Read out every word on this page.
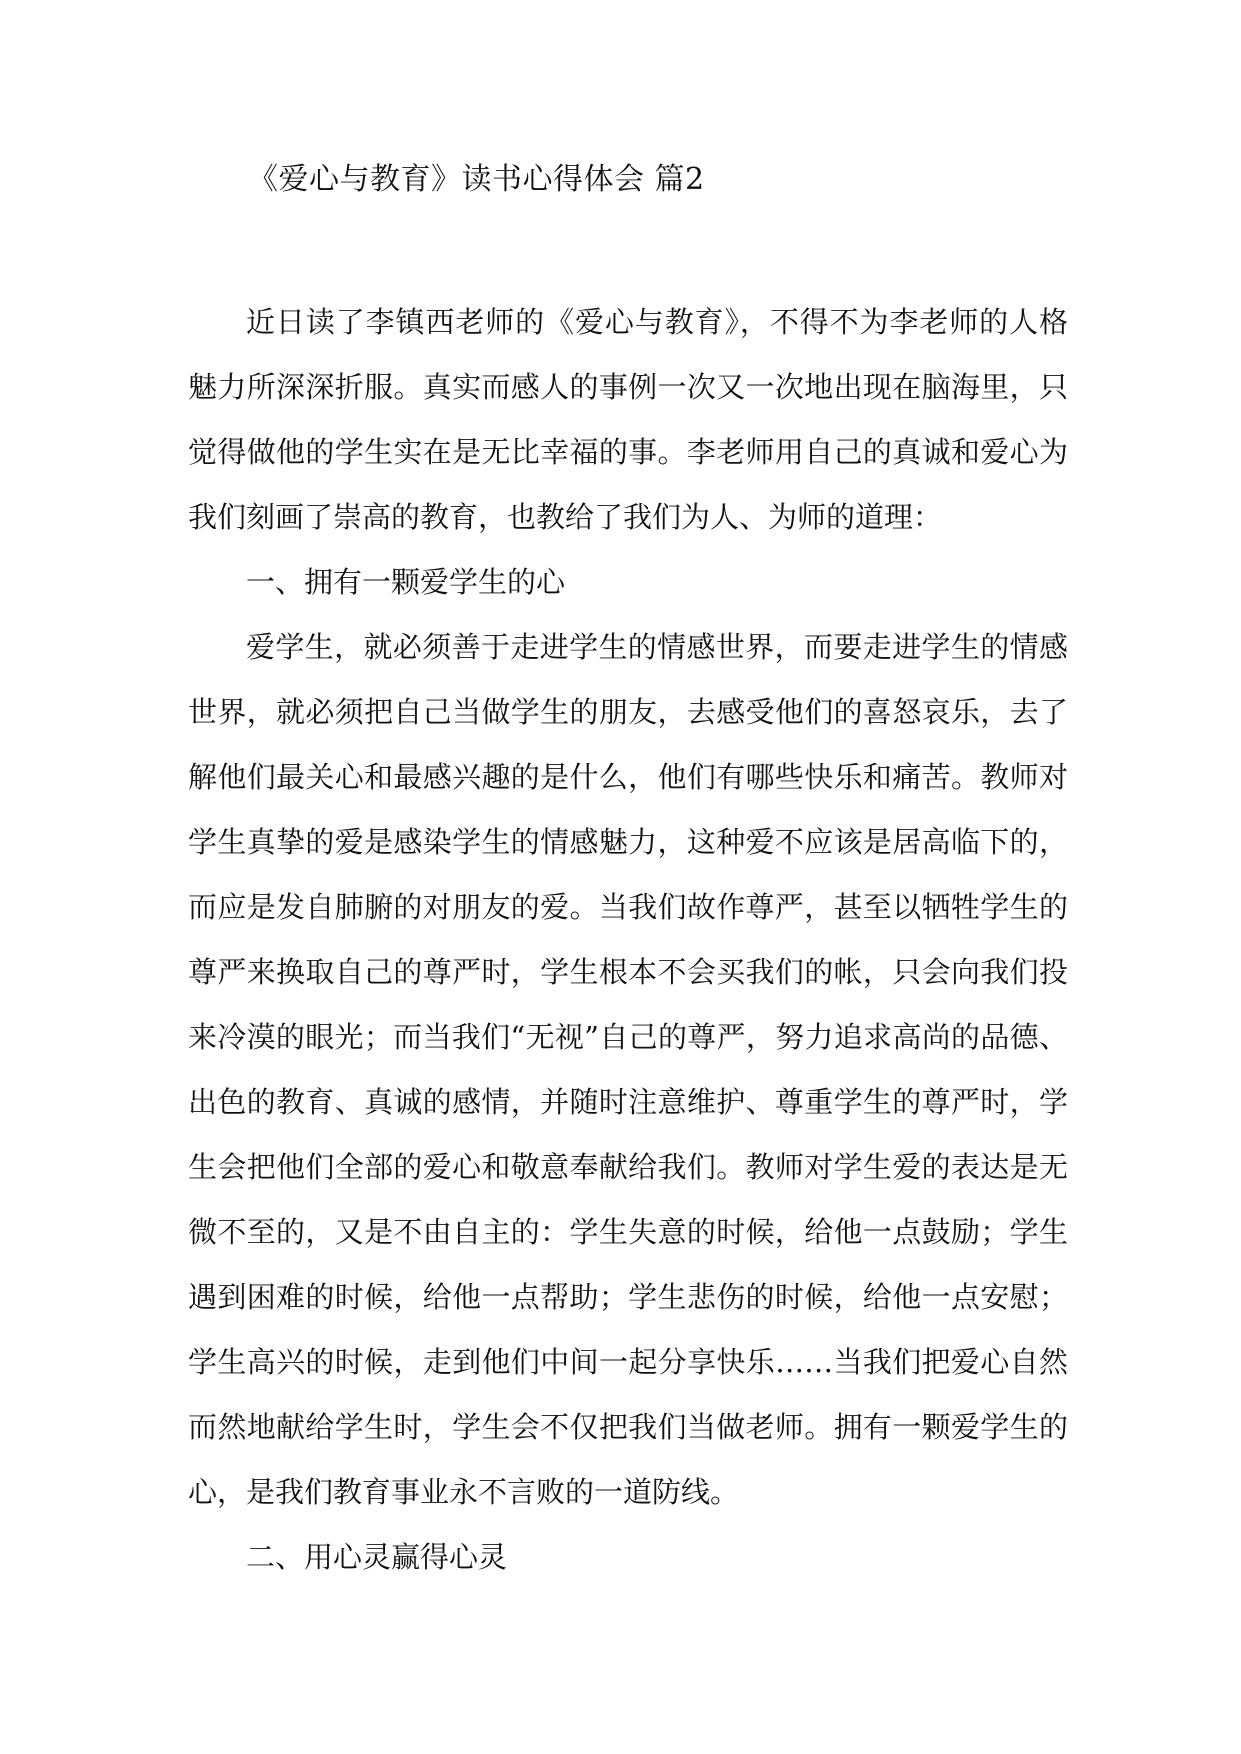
《爱心与教育》读书心得体会 篇2

近日读了李镇西老师的《爱心与教育》，不得不为李老师的人格魅力所深深折服。真实而感人的事例一次又一次地出现在脑海里，只觉得做他的学生实在是无比幸福的事。李老师用自己的真诚和爱心为我们刻画了崇高的教育，也教给了我们为人、为师的道理：

一、拥有一颗爱学生的心

爱学生，就必须善于走进学生的情感世界，而要走进学生的情感世界，就必须把自己当做学生的朋友，去感受他们的喜怒哀乐，去了解他们最关心和最感兴趣的是什么，他们有哪些快乐和痛苦。教师对学生真挚的爱是感染学生的情感魅力，这种爱不应该是居高临下的，而应是发自肺腑的对朋友的爱。当我们故作尊严，甚至以牺牲学生的尊严来换取自己的尊严时，学生根本不会买我们的帐，只会向我们投来冷漠的眼光；而当我们“无视”自己的尊严，努力追求高尚的品德、出色的教育、真诚的感情，并随时注意维护、尊重学生的尊严时，学生会把他们全部的爱心和敬意奉献给我们。教师对学生爱的表达是无微不至的，又是不由自主的：学生失意的时候，给他一点鼓励；学生遇到困难的时候，给他一点帮助；学生悲伤的时候，给他一点安慰；学生高兴的时候，走到他们中间一起分享快乐……当我们把爱心自然而然地献给学生时，学生会不仅把我们当做老师。拥有一颗爱学生的心，是我们教育事业永不言败的一道防线。

二、用心灵赢得心灵
